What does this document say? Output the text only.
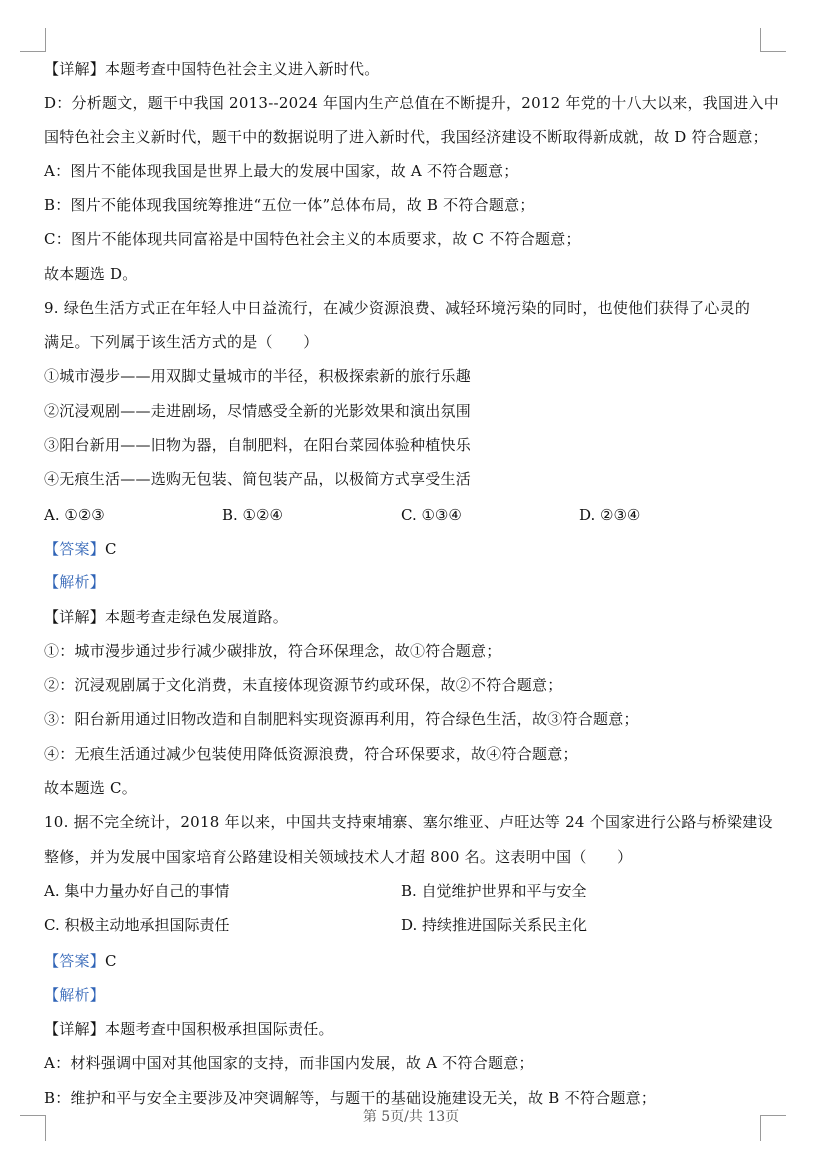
【详解】本题考查中国特色社会主义进入新时代。
D：分析题文，题干中我国 2013--2024 年国内生产总值在不断提升，2012 年党的十八大以来，我国进入中
国特色社会主义新时代，题干中的数据说明了进入新时代，我国经济建设不断取得新成就，故 D 符合题意；
A：图片不能体现我国是世界上最大的发展中国家，故 A 不符合题意；
B：图片不能体现我国统筹推进“五位一体”总体布局，故 B 不符合题意；
C：图片不能体现共同富裕是中国特色社会主义的本质要求，故 C 不符合题意；
故本题选 D。
9. 绿色生活方式正在年轻人中日益流行，在减少资源浪费、减轻环境污染的同时，也使他们获得了心灵的
满足。下列属于该生活方式的是（　　）
①城市漫步——用双脚丈量城市的半径，积极探索新的旅行乐趣
②沉浸观剧——走进剧场，尽情感受全新的光影效果和演出氛围
③阳台新用——旧物为器，自制肥料，在阳台菜园体验种植快乐
④无痕生活——选购无包装、简包装产品，以极简方式享受生活
A. ①②③	B. ①②④	C. ①③④	D. ②③④
【答案】C
【解析】
【详解】本题考查走绿色发展道路。
①：城市漫步通过步行减少碳排放，符合环保理念，故①符合题意；
②：沉浸观剧属于文化消费，未直接体现资源节约或环保，故②不符合题意；
③：阳台新用通过旧物改造和自制肥料实现资源再利用，符合绿色生活，故③符合题意；
④：无痕生活通过减少包装使用降低资源浪费，符合环保要求，故④符合题意；
故本题选 C。
10. 据不完全统计，2018 年以来，中国共支持柬埔寨、塞尔维亚、卢旺达等 24 个国家进行公路与桥梁建设
整修，并为发展中国家培育公路建设相关领域技术人才超 800 名。这表明中国（　　）
A. 集中力量办好自己的事情	B. 自觉维护世界和平与安全
C. 积极主动地承担国际责任	D. 持续推进国际关系民主化
【答案】C
【解析】
【详解】本题考查中国积极承担国际责任。
A：材料强调中国对其他国家的支持，而非国内发展，故 A 不符合题意；
B：维护和平与安全主要涉及冲突调解等，与题干的基础设施建设无关，故 B 不符合题意；
第 5页/共 13页
